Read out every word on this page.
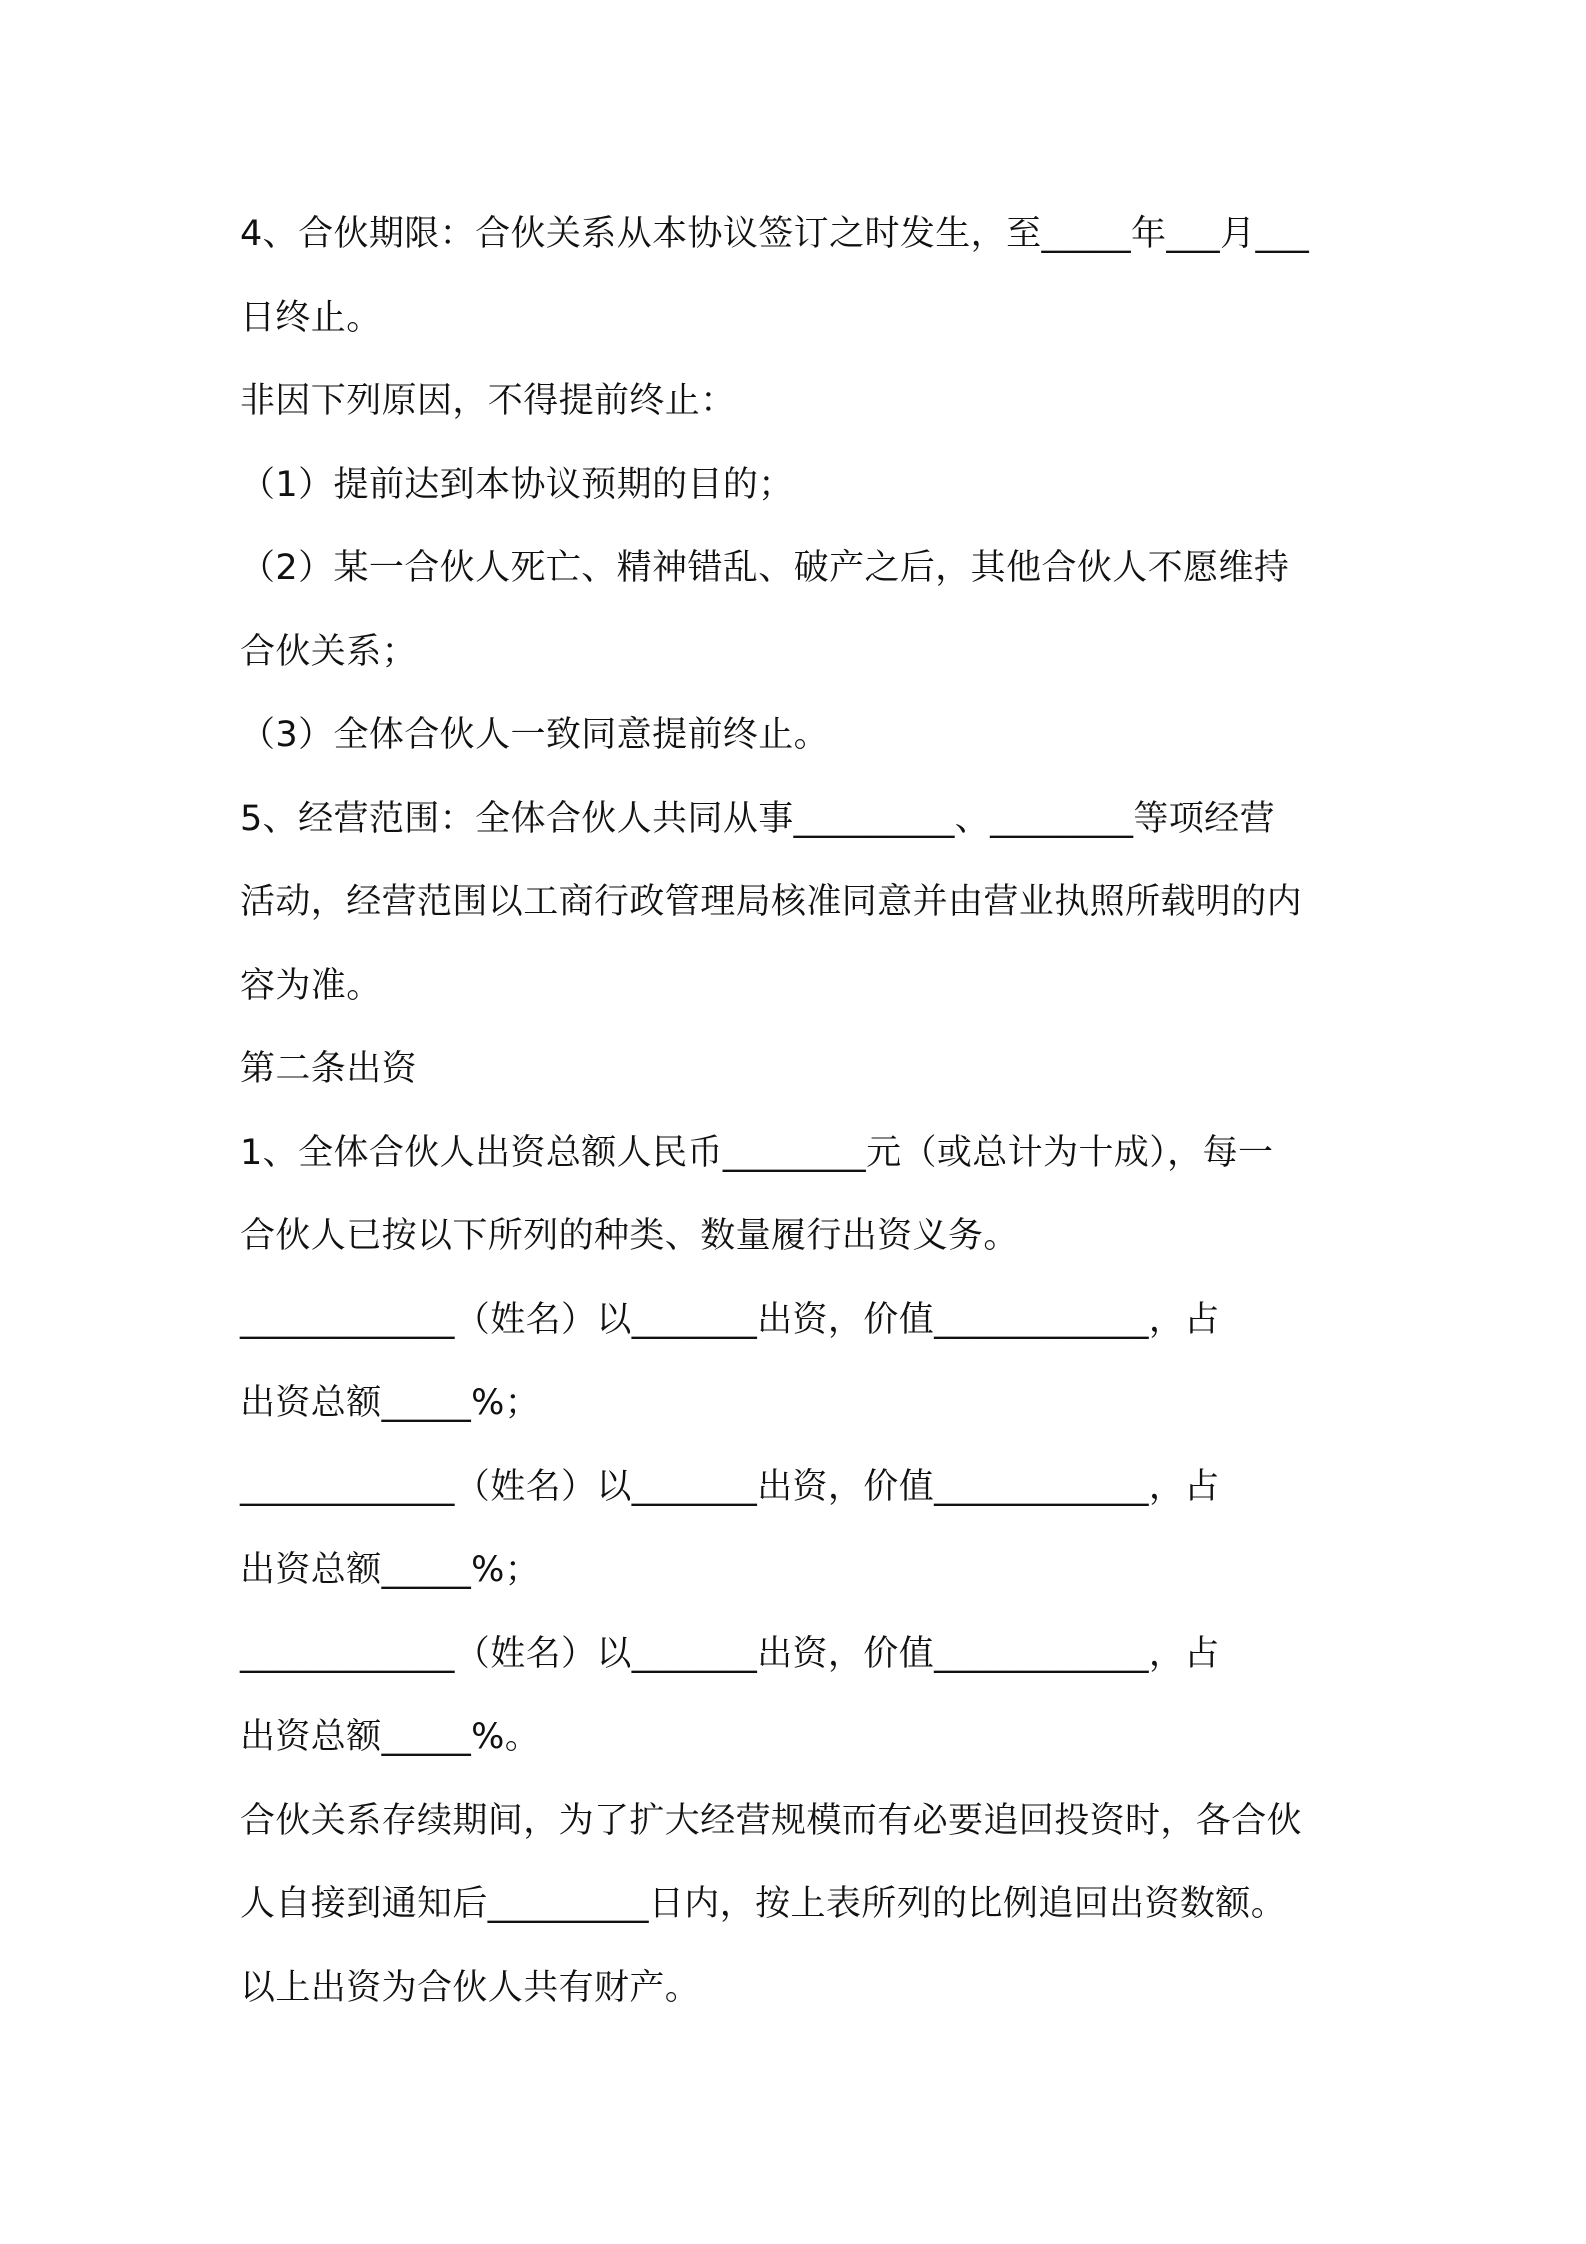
4、合伙期限：合伙关系从本协议签订之时发生，至_____年___月___
日终止。
非因下列原因，不得提前终止：
（1）提前达到本协议预期的目的；
（2）某一合伙人死亡、精神错乱、破产之后，其他合伙人不愿维持
合伙关系；
（3）全体合伙人一致同意提前终止。
5、经营范围：全体合伙人共同从事_________、________等项经营
活动，经营范围以工商行政管理局核准同意并由营业执照所载明的内
容为准。
第二条出资
1、全体合伙人出资总额人民币________元（或总计为十成），每一
合伙人已按以下所列的种类、数量履行出资义务。
____________（姓名）以_______出资，价值____________，占
出资总额_____%；
____________（姓名）以_______出资，价值____________，占
出资总额_____%；
____________（姓名）以_______出资，价值____________，占
出资总额_____%。
合伙关系存续期间，为了扩大经营规模而有必要追回投资时，各合伙
人自接到通知后_________日内，按上表所列的比例追回出资数额。
以上出资为合伙人共有财产。
